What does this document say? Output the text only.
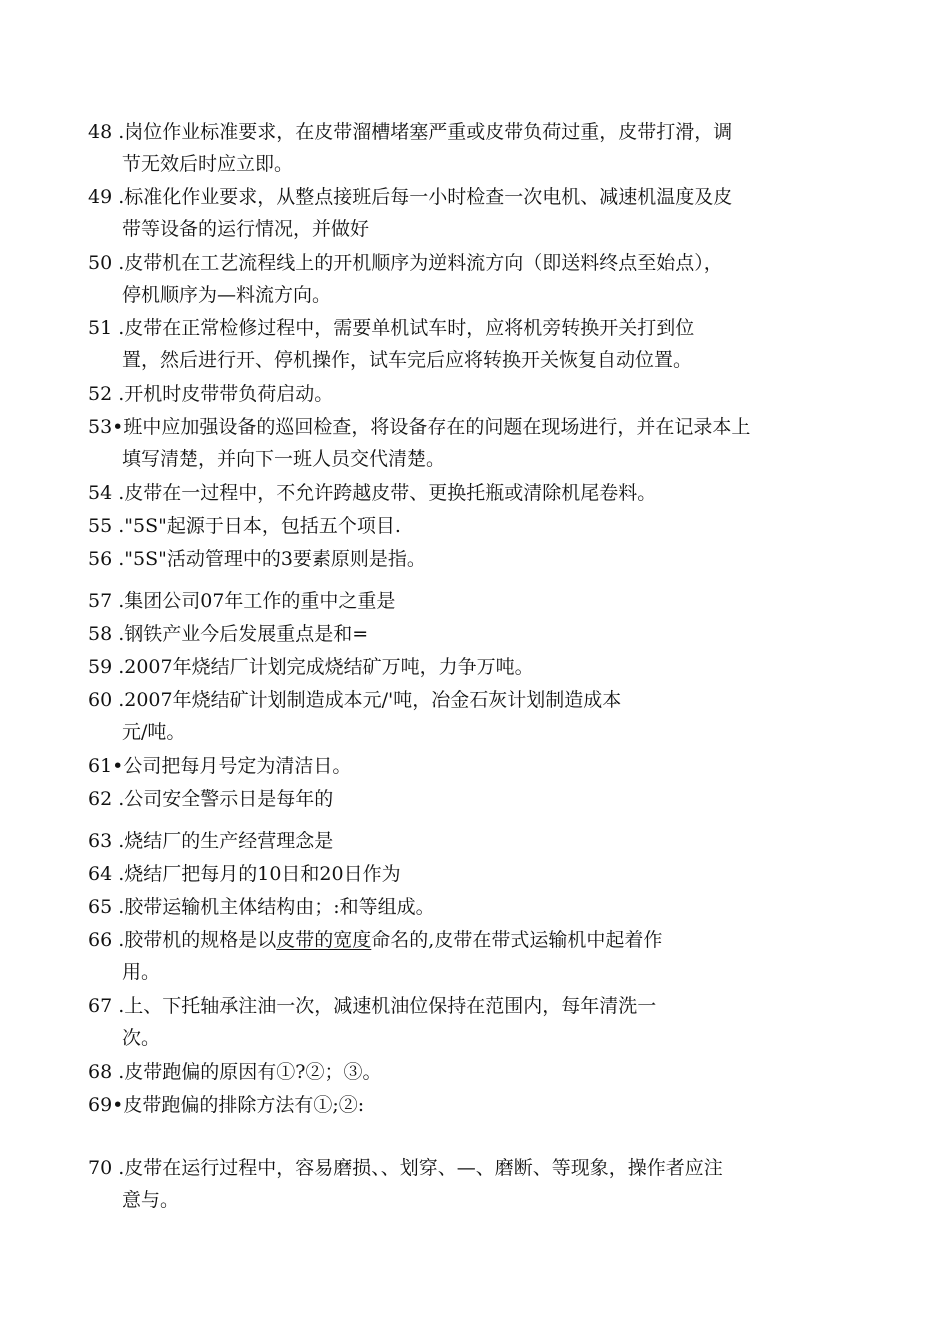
48 .岗位作业标准要求，在皮带溜槽堵塞严重或皮带负荷过重，皮带打滑，调
节无效后时应立即。
49 .标准化作业要求，从整点接班后每一小时检查一次电机、减速机温度及皮
带等设备的运行情况，并做好
50 .皮带机在工艺流程线上的开机顺序为逆料流方向（即送料终点至始点），
停机顺序为—料流方向。
51 .皮带在正常检修过程中，需要单机试车时，应将机旁转换开关打到位
置，然后进行开、停机操作，试车完后应将转换开关恢复自动位置。
52 .开机时皮带带负荷启动。
53•班中应加强设备的巡回检查，将设备存在的问题在现场进行，并在记录本上
填写清楚，并向下一班人员交代清楚。
54 .皮带在一过程中，不允许跨越皮带、更换托瓶或清除机尾卷料。
55 ."5S"起源于日本，包括五个项目.
56 ."5S"活动管理中的3要素原则是指。
57 .集团公司07年工作的重中之重是
58 .钢铁产业今后发展重点是和=
59 .2007年烧结厂计划完成烧结矿万吨，力争万吨。
60 .2007年烧结矿计划制造成本元/'吨，冶金石灰计划制造成本
元/吨。
61•公司把每月号定为清洁日。
62 .公司安全警示日是每年的
63 .烧结厂的生产经营理念是
64 .烧结厂把每月的10日和20日作为
65 .胶带运输机主体结构由；:和等组成。
66 .胶带机的规格是以皮带的宽度命名的,皮带在带式运输机中起着作
用。
67 .上、下托轴承注油一次，减速机油位保持在范围内，每年清洗一
次。
68 .皮带跑偏的原因有①?②；③。
69•皮带跑偏的排除方法有①;②:
70 .皮带在运行过程中，容易磨损、、划穿、—、磨断、等现象，操作者应注
意与。
